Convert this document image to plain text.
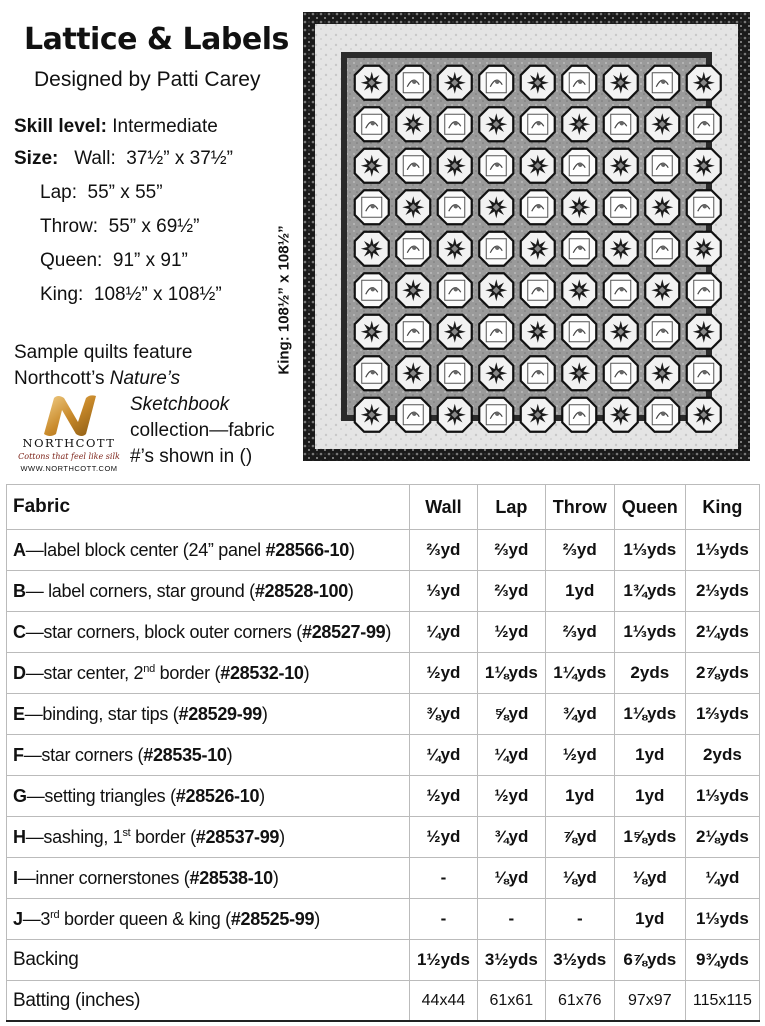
Lattice & Labels
Designed by Patti Carey
Skill level: Intermediate
Size: Wall: 37½” x 37½”
Lap: 55” x 55”
Throw: 55” x 69½”
Queen: 91” x 91”
King: 108½” x 108½”
Sample quilts feature
Northcott’s Nature’s
Sketchbook
collection—fabric
#’s shown in ()
NORTHCOTT
Cottons that feel like silk
WWW.NORTHCOTT.COM
King: 108½” x 108½”
Fabric	Wall	Lap	Throw	Queen	King
A—label block center (24” panel #28566-10)	⅔yd	⅔yd	⅔yd	1⅓yds	1⅓yds
B— label corners, star ground (#28528-100)	⅓yd	⅔yd	1yd	1¾yds	2⅓yds
C—star corners, block outer corners (#28527-99)	¼yd	½yd	⅔yd	1⅓yds	2¼yds
D—star center, 2nd border (#28532-10)	½yd	1⅛yds	1¼yds	2yds	2⅞yds
E—binding, star tips (#28529-99)	⅜yd	⅝yd	¾yd	1⅛yds	1⅔yds
F—star corners (#28535-10)	¼yd	¼yd	½yd	1yd	2yds
G—setting triangles (#28526-10)	½yd	½yd	1yd	1yd	1⅓yds
H—sashing, 1st border (#28537-99)	½yd	¾yd	⅞yd	1⅝yds	2⅛yds
I—inner cornerstones (#28538-10)	-	⅛yd	⅛yd	⅛yd	¼yd
J—3rd border queen & king (#28525-99)	-	-	-	1yd	1⅓yds
Backing	1½yds	3½yds	3½yds	6⅞yds	9¾yds
Batting (inches)	44x44	61x61	61x76	97x97	115x115
